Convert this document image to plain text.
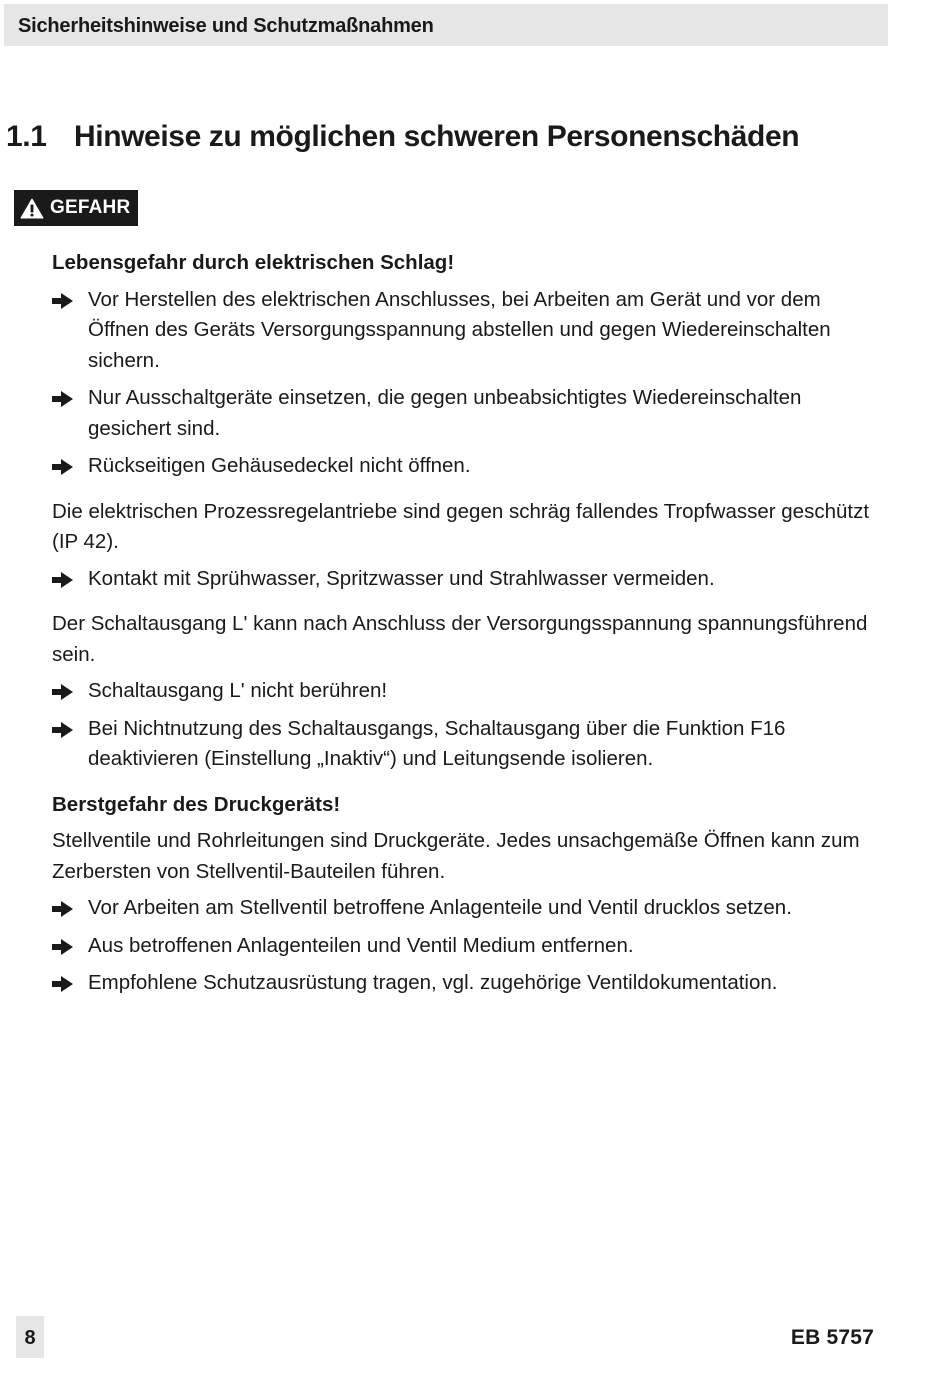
Sicherheitshinweise und Schutzmaßnahmen
1.1 Hinweise zu möglichen schweren Personenschäden
GEFAHR

Lebensgefahr durch elektrischen Schlag!

Vor Herstellen des elektrischen Anschlusses, bei Arbeiten am Gerät und vor dem Öffnen des Geräts Versorgungsspannung abstellen und gegen Wiedereinschalten sichern.
Nur Ausschaltgeräte einsetzen, die gegen unbeabsichtigtes Wiedereinschalten gesichert sind.
Rückseitigen Gehäusedeckel nicht öffnen.

Die elektrischen Prozessregelantriebe sind gegen schräg fallendes Tropfwasser geschützt (IP 42).

Kontakt mit Sprühwasser, Spritzwasser und Strahlwasser vermeiden.

Der Schaltausgang L' kann nach Anschluss der Versorgungsspannung spannungsführend sein.

Schaltausgang L' nicht berühren!
Bei Nichtnutzung des Schaltausgangs, Schaltausgang über die Funktion F16 deaktivieren (Einstellung „Inaktiv“) und Leitungsende isolieren.

Berstgefahr des Druckgeräts!

Stellventile und Rohrleitungen sind Druckgeräte. Jedes unsachgemäße Öffnen kann zum Zerbersten von Stellventil-Bauteilen führen.

Vor Arbeiten am Stellventil betroffene Anlagenteile und Ventil drucklos setzen.
Aus betroffenen Anlagenteilen und Ventil Medium entfernen.
Empfohlene Schutzausrüstung tragen, vgl. zugehörige Ventildokumentation.
8	EB 5757
